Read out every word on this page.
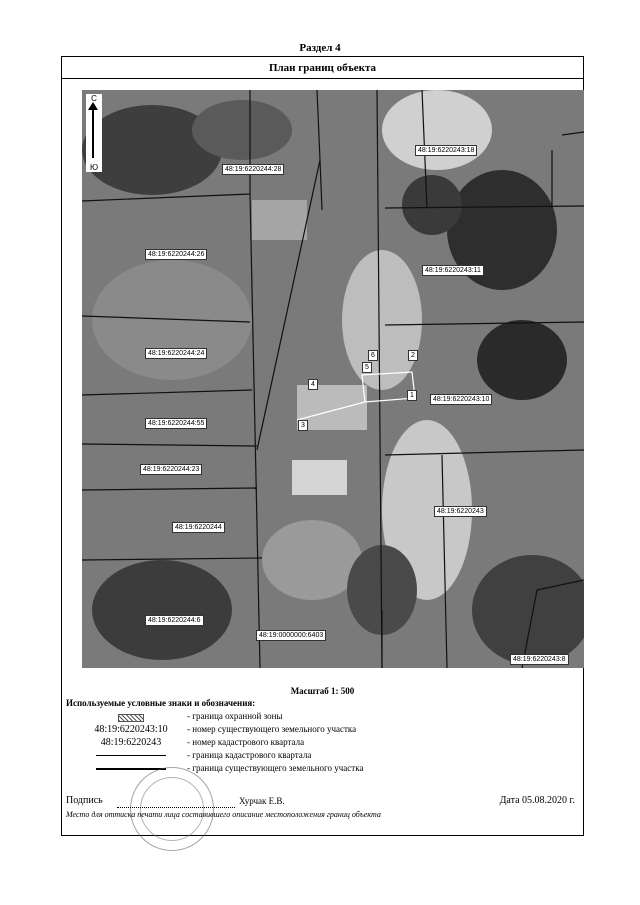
Раздел 4
План границ объекта
С
Ю	48:19:6220244:28
48:19:6220243:18
48:19:6220244:26
48:19:6220243:11
48:19:6220244:24
48:19:6220243:10
48:19:6220244:55
48:19:6220244:23
48:19:6220244
48:19:6220243
48:19:6220244:6
48:19:0000000:6403
48:19:6220243:8
1
2
3
4
5
6
Масштаб 1: 500
Используемые условные знаки и обозначения:
- граница охранной зоны
48:19:6220243:10	- номер существующего земельного участка
48:19:6220243	- номер кадастрового квартала
- граница кадастрового квартала
- граница существующего земельного участка
Подпись	Хурчак Е.В.	Дата 05.08.2020 г.
Место для оттиска печати лица составившего описание местоположения границ объекта
